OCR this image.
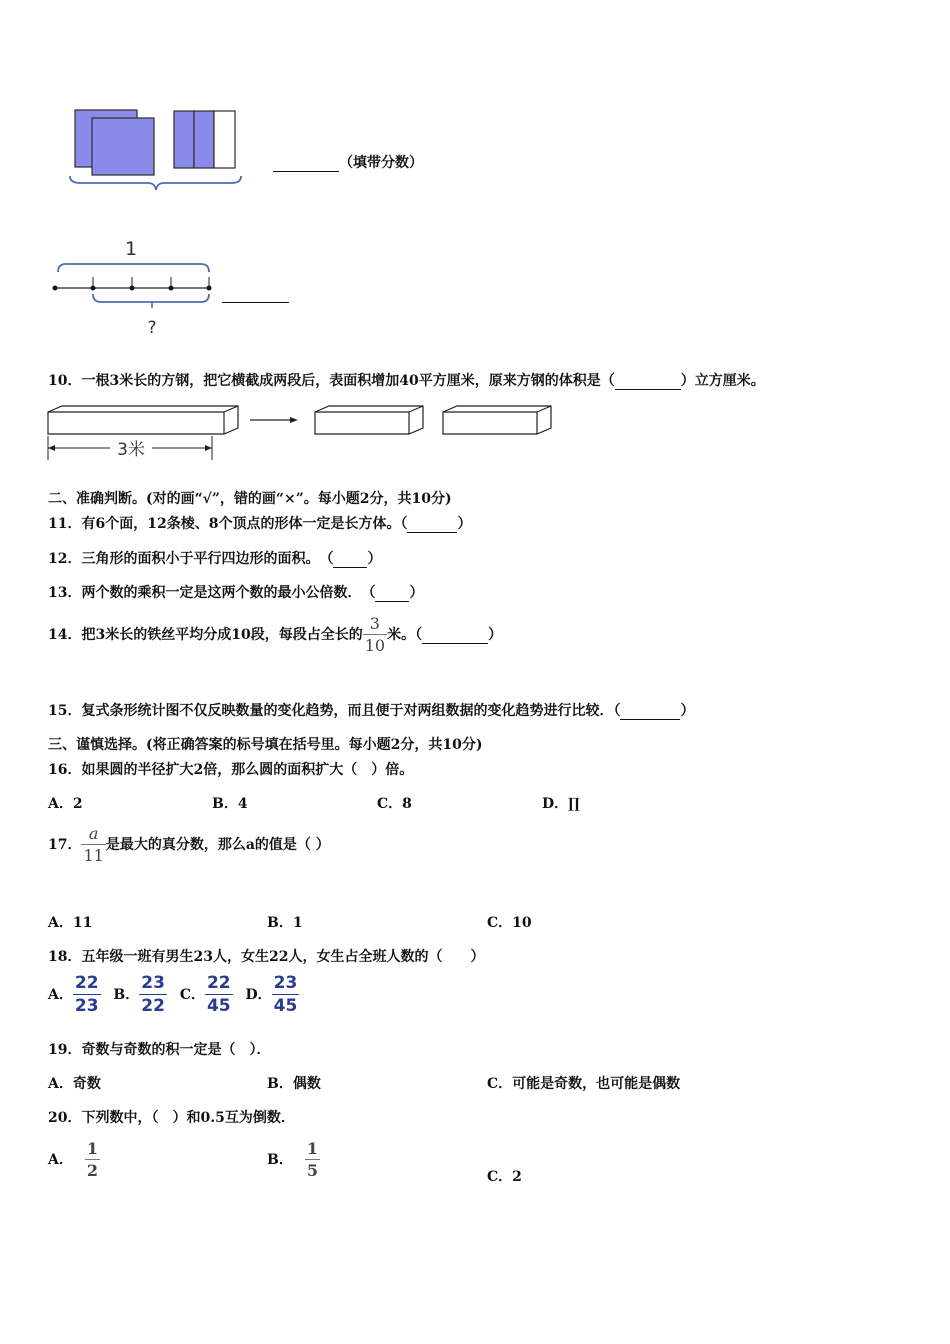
（填带分数）
1
?

10．一根3米长的方钢，把它横截成两段后，表面积增加40平方厘米，原来方钢的体积是（	）立方厘米。
3米
二、准确判断。(对的画“√”，错的画“×”。每小题2分，共10分)
11．有6个面，12条棱、8个顶点的形体一定是长方体。（	）
12．三角形的面积小于平行四边形的面积。　（ ）
13．两个数的乘积一定是这两个数的最小公倍数．　（ ）
14．把3米长的铁丝平均分成10段，每段占全长的 $\frac{3}{10}$ 米。（	）
15．复式条形统计图不仅反映数量的变化趋势，而且便于对两组数据的变化趋势进行比较．（	）
三、谨慎选择。(将正确答案的标号填在括号里。每小题2分，共10分)
16．如果圆的半径扩大2倍，那么圆的面积扩大（　）倍。
A．2	B．4	C．8	D．∏
17． $\frac{a}{11}$ 是最大的真分数，那么a的值是（ ）
A．11	B．1	C．10
18．五年级一班有男生23人，女生22人，女生占全班人数的（　　）
A． $\frac{22}{23}$ B． $\frac{23}{22}$ C． $\frac{22}{45}$ D． $\frac{23}{45}$
19．奇数与奇数的积一定是（　）．
A．奇数	B．偶数	C．可能是奇数，也可能是偶数
20．下列数中，（　）和0.5互为倒数．
A． $\frac{1}{2}$	B． $\frac{1}{5}$	C．2
